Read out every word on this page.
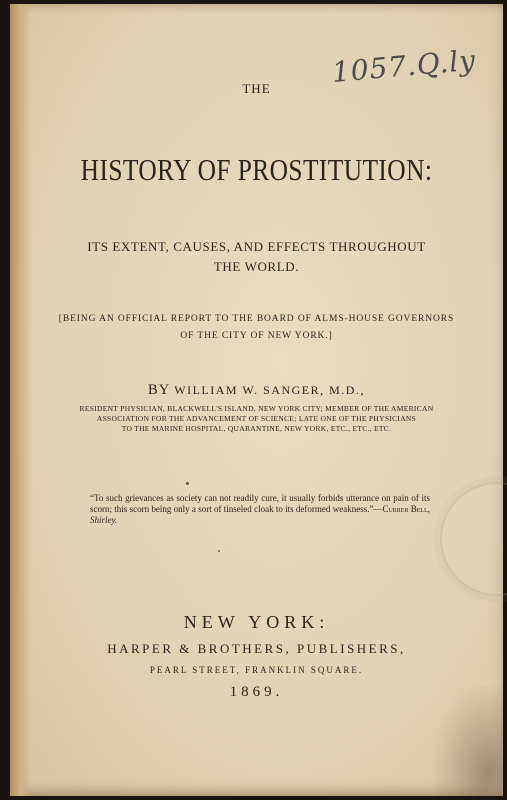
1057.Q.ly
THE
HISTORY OF PROSTITUTION:
ITS EXTENT, CAUSES, AND EFFECTS THROUGHOUT
THE WORLD.
[BEING AN OFFICIAL REPORT TO THE BOARD OF ALMS-HOUSE GOVERNORS
OF THE CITY OF NEW YORK.]
BY WILLIAM W. SANGER, M.D.,
RESIDENT PHYSICIAN, BLACKWELL'S ISLAND, NEW YORK CITY; MEMBER OF THE AMERICAN
ASSOCIATION FOR THE ADVANCEMENT OF SCIENCE; LATE ONE OF THE PHYSICIANS
TO THE MARINE HOSPITAL, QUARANTINE, NEW YORK, ETC., ETC., ETC.
“To such grievances as society can not readily cure, it usually forbids utterance on pain of its scorn; this scorn being only a sort of tinseled cloak to its deformed weakness.”—Currer Bell, Shirley.
NEW YORK:
HARPER & BROTHERS, PUBLISHERS,
PEARL STREET, FRANKLIN SQUARE.
1869.
